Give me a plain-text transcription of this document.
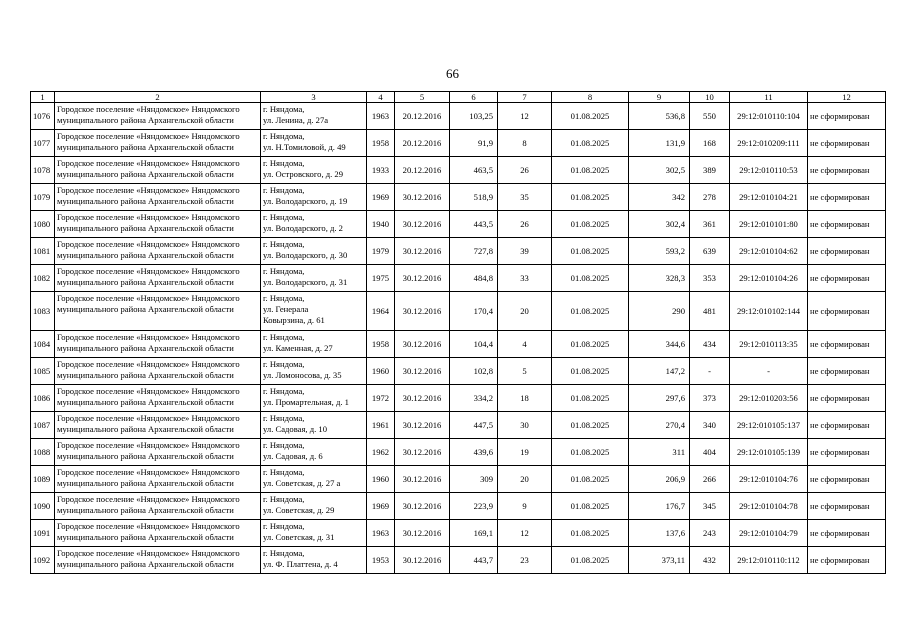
66
1	2	3	4	5	6	7	8	9	10	11	12
1076	Городское поселение «Няндомское» Няндомского
муниципального района Архангельской области	г. Няндома,
ул. Ленина, д. 27а	1963	20.12.2016	103,25	12	01.08.2025	536,8	550	29:12:010110:104	не сформирован
1077	Городское поселение «Няндомское» Няндомского
муниципального района Архангельской области	г. Няндома,
ул. Н.Томиловой, д. 49	1958	20.12.2016	91,9	8	01.08.2025	131,9	168	29:12:010209:111	не сформирован
1078	Городское поселение «Няндомское» Няндомского
муниципального района Архангельской области	г. Няндома,
ул. Островского, д. 29	1933	20.12.2016	463,5	26	01.08.2025	302,5	389	29:12:010110:53	не сформирован
1079	Городское поселение «Няндомское» Няндомского
муниципального района Архангельской области	г. Няндома,
ул. Володарского, д. 19	1969	30.12.2016	518,9	35	01.08.2025	342	278	29:12:010104:21	не сформирован
1080	Городское поселение «Няндомское» Няндомского
муниципального района Архангельской области	г. Няндома,
ул. Володарского, д. 2	1940	30.12.2016	443,5	26	01.08.2025	302,4	361	29:12:010101:80	не сформирован
1081	Городское поселение «Няндомское» Няндомского
муниципального района Архангельской области	г. Няндома,
ул. Володарского, д. 30	1979	30.12.2016	727,8	39	01.08.2025	593,2	639	29:12:010104:62	не сформирован
1082	Городское поселение «Няндомское» Няндомского
муниципального района Архангельской области	г. Няндома,
ул. Володарского, д. 31	1975	30.12.2016	484,8	33	01.08.2025	328,3	353	29:12:010104:26	не сформирован
1083	Городское поселение «Няндомское» Няндомского
муниципального района Архангельской области	г. Няндома,
ул. Генерала
Ковырзина, д. 61	1964	30.12.2016	170,4	20	01.08.2025	290	481	29:12:010102:144	не сформирован
1084	Городское поселение «Няндомское» Няндомского
муниципального района Архангельской области	г. Няндома,
ул. Каменная, д. 27	1958	30.12.2016	104,4	4	01.08.2025	344,6	434	29:12:010113:35	не сформирован
1085	Городское поселение «Няндомское» Няндомского
муниципального района Архангельской области	г. Няндома,
ул. Ломоносова, д. 35	1960	30.12.2016	102,8	5	01.08.2025	147,2	-	-	не сформирован
1086	Городское поселение «Няндомское» Няндомского
муниципального района Архангельской области	г. Няндома,
ул. Промартельная, д. 1	1972	30.12.2016	334,2	18	01.08.2025	297,6	373	29:12:010203:56	не сформирован
1087	Городское поселение «Няндомское» Няндомского
муниципального района Архангельской области	г. Няндома,
ул. Садовая, д. 10	1961	30.12.2016	447,5	30	01.08.2025	270,4	340	29:12:010105:137	не сформирован
1088	Городское поселение «Няндомское» Няндомского
муниципального района Архангельской области	г. Няндома,
ул. Садовая, д. 6	1962	30.12.2016	439,6	19	01.08.2025	311	404	29:12:010105:139	не сформирован
1089	Городское поселение «Няндомское» Няндомского
муниципального района Архангельской области	г. Няндома,
ул. Советская, д. 27 а	1960	30.12.2016	309	20	01.08.2025	206,9	266	29:12:010104:76	не сформирован
1090	Городское поселение «Няндомское» Няндомского
муниципального района Архангельской области	г. Няндома,
ул. Советская, д. 29	1969	30.12.2016	223,9	9	01.08.2025	176,7	345	29:12:010104:78	не сформирован
1091	Городское поселение «Няндомское» Няндомского
муниципального района Архангельской области	г. Няндома,
ул. Советская, д. 31	1963	30.12.2016	169,1	12	01.08.2025	137,6	243	29:12:010104:79	не сформирован
1092	Городское поселение «Няндомское» Няндомского
муниципального района Архангельской области	г. Няндома,
ул. Ф. Платтена, д. 4	1953	30.12.2016	443,7	23	01.08.2025	373,11	432	29:12:010110:112	не сформирован
